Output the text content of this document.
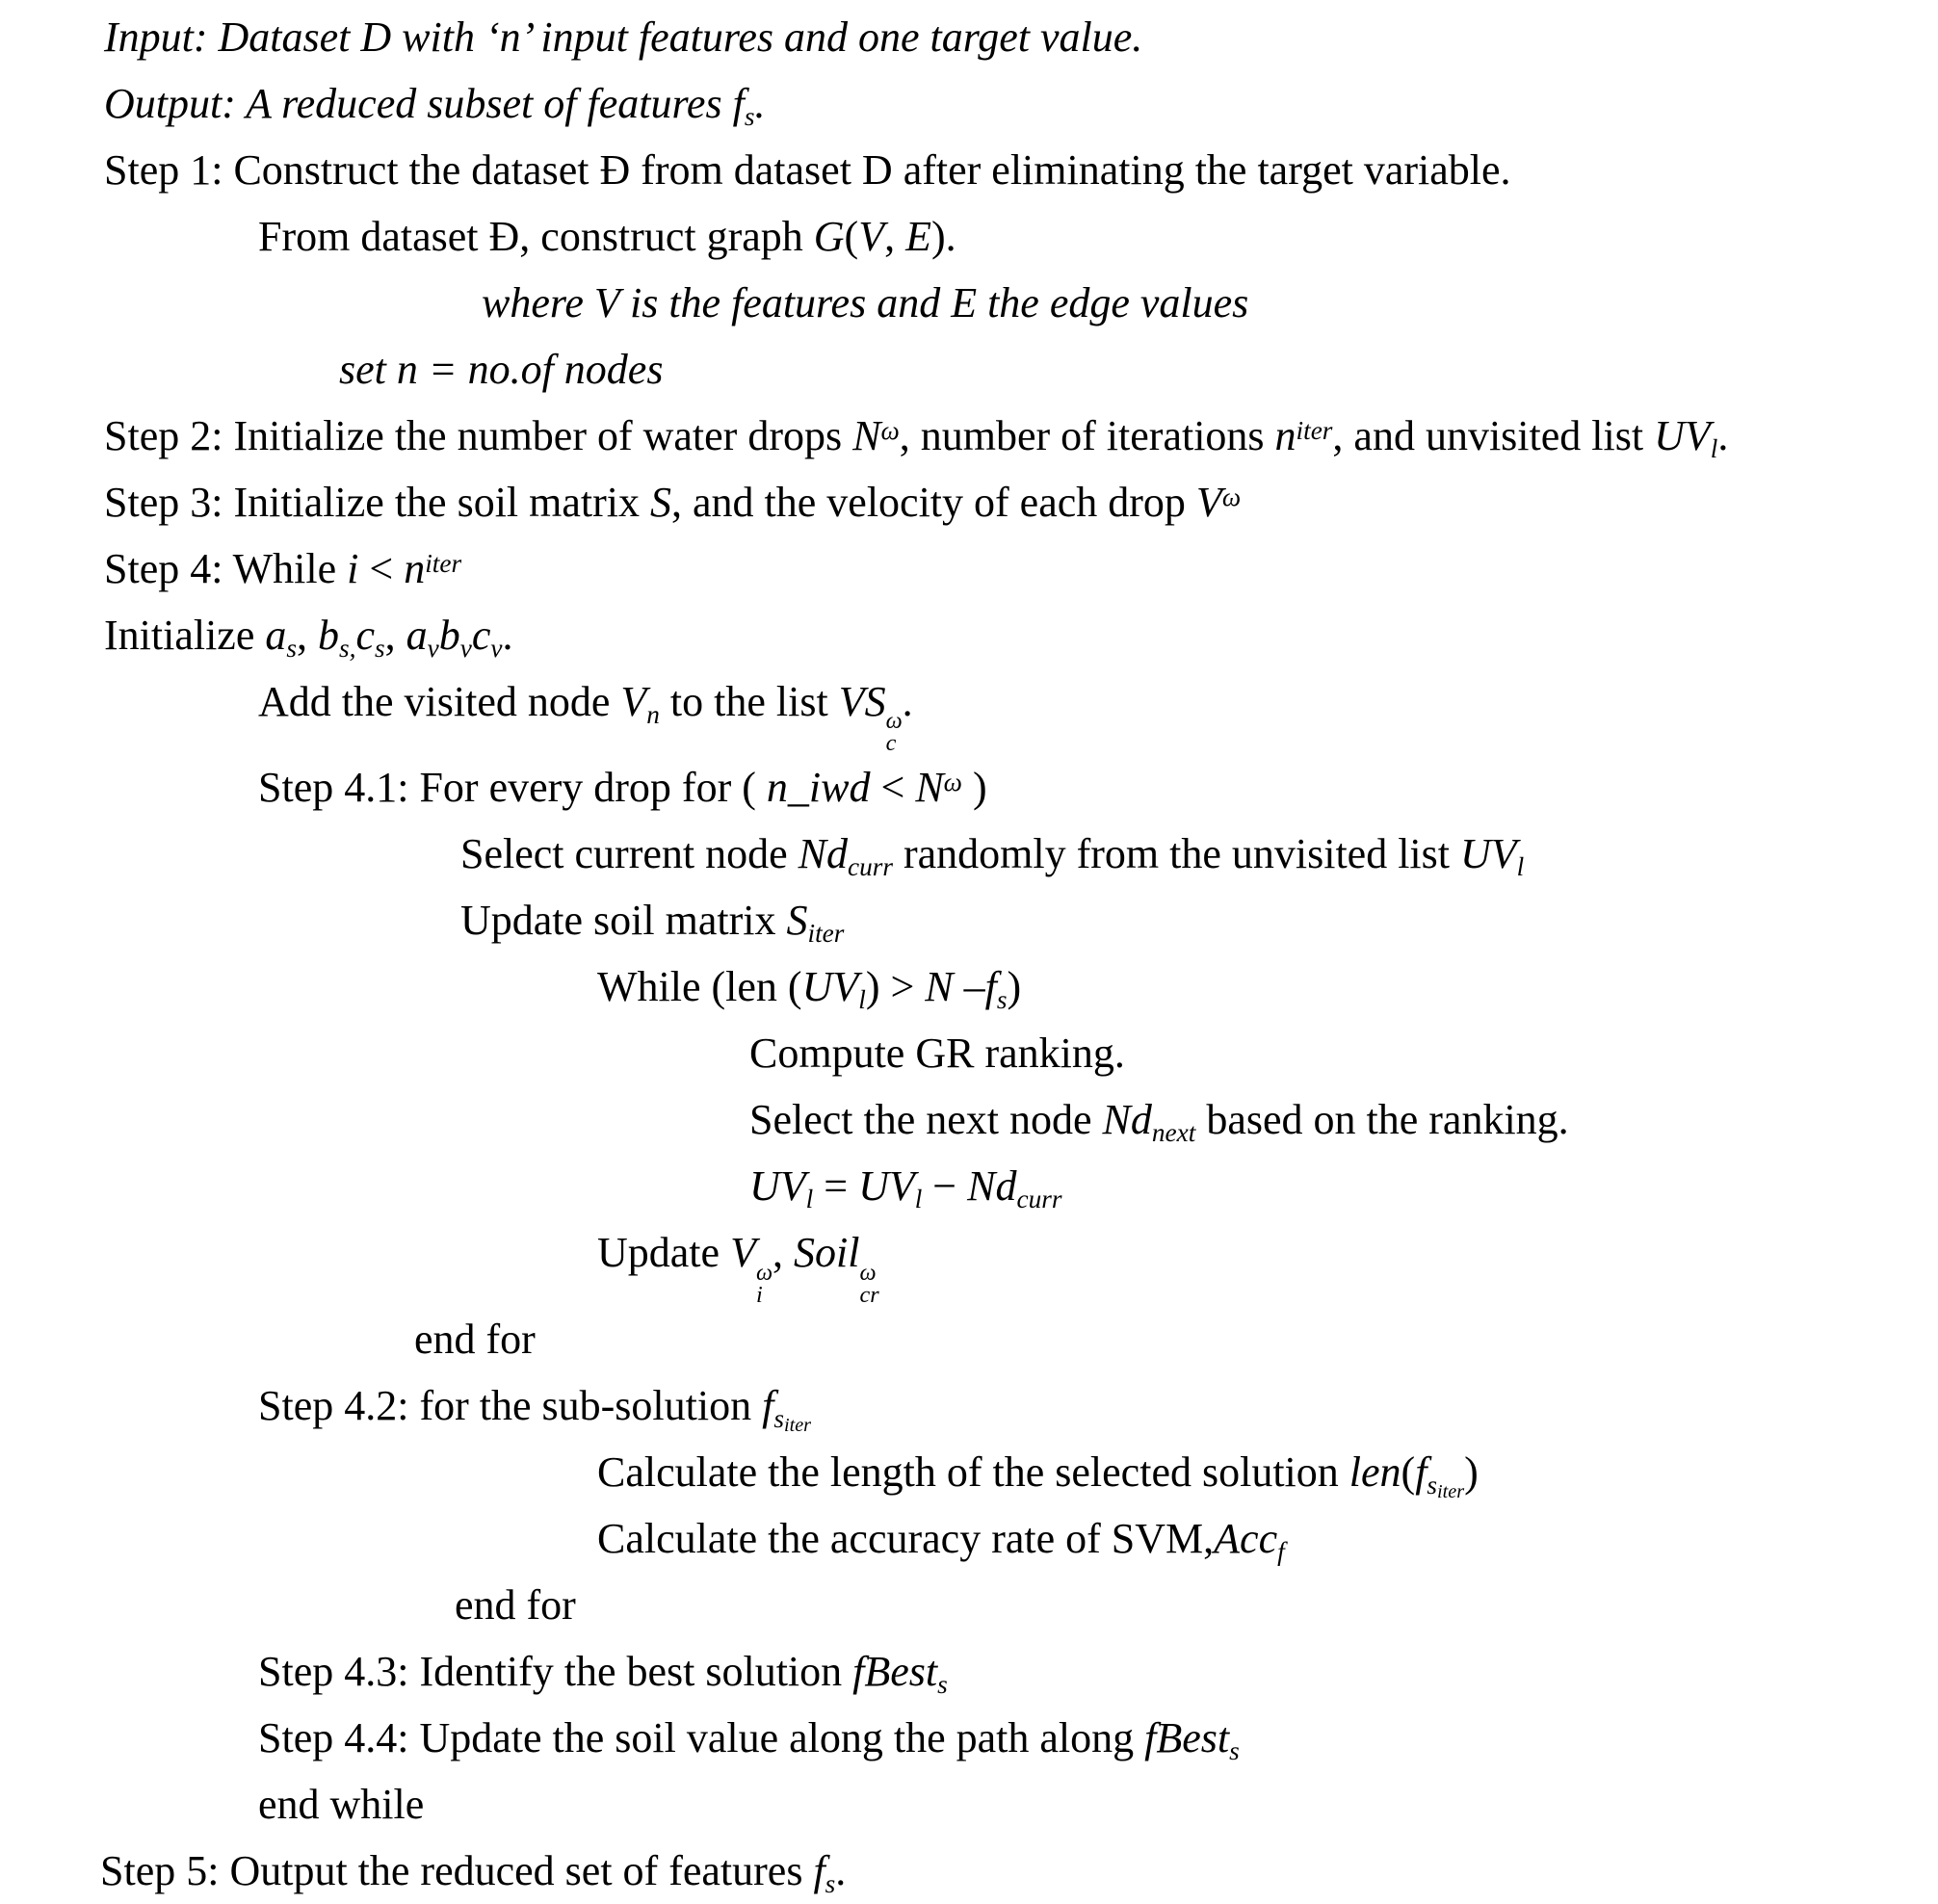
Input: Dataset D with ‘n’ input features and one target value.
Output: A reduced subset of features fs.
Step 1: Construct the dataset Đ from dataset D after eliminating the target variable.
From dataset Đ, construct graph G(V, E).
where V is the features and E the edge values
set n = no.of nodes
Step 2: Initialize the number of water drops $N^\omega$, number of iterations $n^{iter}$, and unvisited list UVl.
Step 3: Initialize the soil matrix S, and the velocity of each drop $V^\omega$
Step 4: While $i < n^{iter}$
Initialize as, bs,cs, avbvcv.
Add the visited node Vn to the list VS ω
c
.
Step 4.1: For every drop for ( n_iwd < $N^\omega$ )
Select current node Ndcurr randomly from the unvisited list UVl
Update soil matrix Siter
While (len (UVl) > N –fs)
Compute GR ranking.
Select the next node Ndnext based on the ranking.
UVl = UVl − Ndcurr
Update V ω
i
, Soil ω
cr
end for
Step 4.2: for the sub-solution $fs_{iter}$
Calculate the length of the selected solution $len(fs_{iter})$
Calculate the accuracy rate of SVM,Accf
end for
Step 4.3: Identify the best solution fBests
Step 4.4: Update the soil value along the path along fBests
end while
Step 5: Output the reduced set of features fs.
